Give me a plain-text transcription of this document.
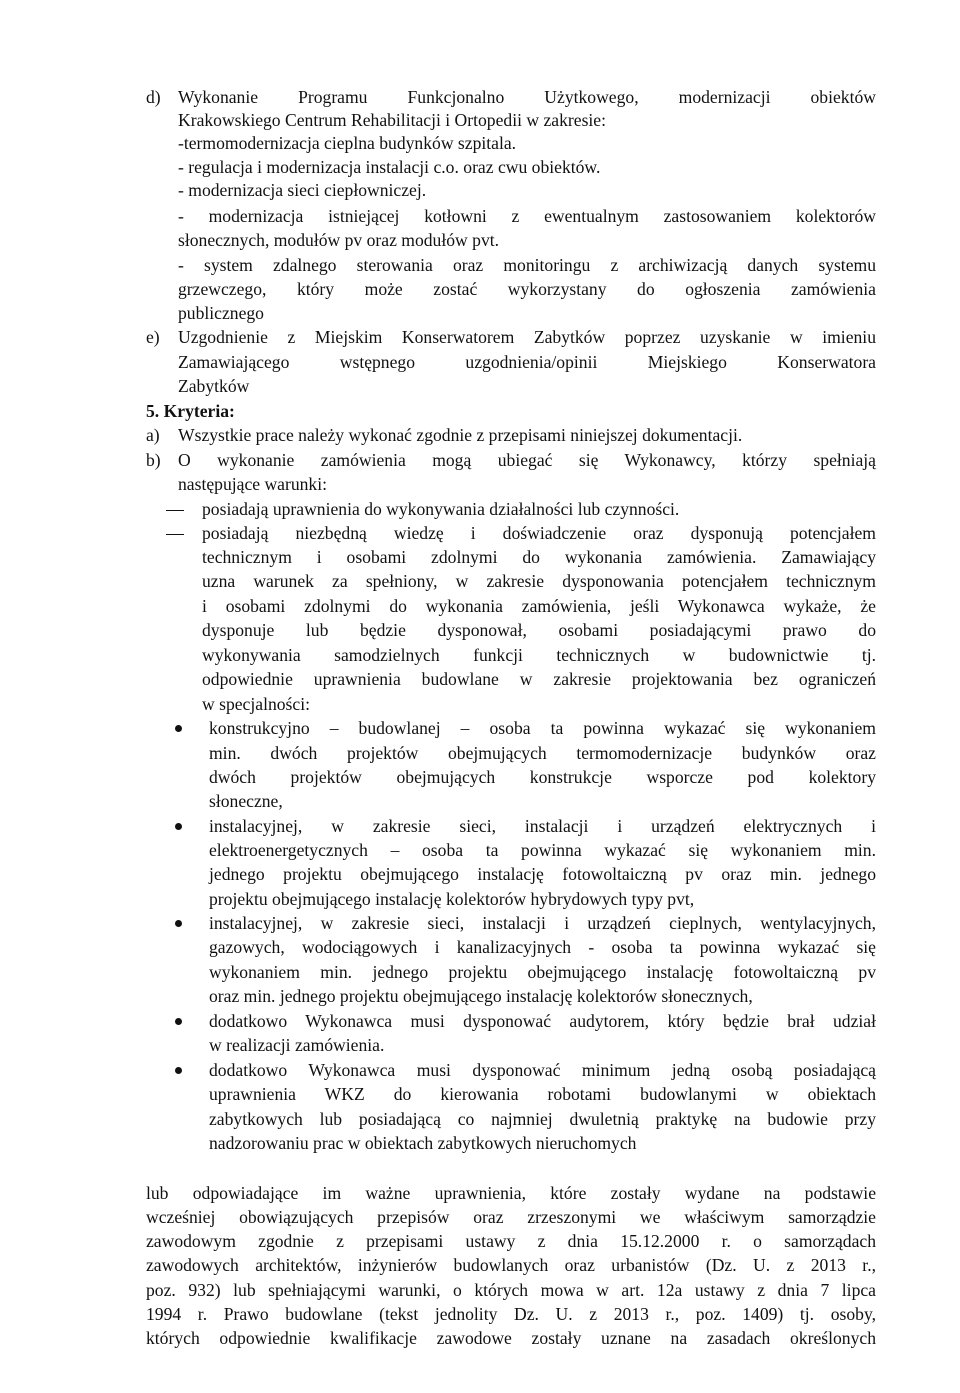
d) Wykonanie Programu Funkcjonalno Użytkowego, modernizacji obiektów
Krakowskiego Centrum Rehabilitacji i Ortopedii w zakresie:
-termomodernizacja cieplna budynków szpitala.
- regulacja i modernizacja instalacji c.o. oraz cwu obiektów.
- modernizacja sieci ciepłowniczej.
- modernizacja istniejącej kotłowni z ewentualnym zastosowaniem kolektorów
słonecznych, modułów pv oraz modułów pvt.
- system zdalnego sterowania oraz monitoringu z archiwizacją danych systemu
grzewczego, który może zostać wykorzystany do ogłoszenia zamówienia
publicznego
e) Uzgodnienie z Miejskim Konserwatorem Zabytków poprzez uzyskanie w imieniu
Zamawiającego wstępnego uzgodnienia/opinii Miejskiego Konserwatora
Zabytków
5. Kryteria:
a) Wszystkie prace należy wykonać zgodnie z przepisami niniejszej dokumentacji.
b) O wykonanie zamówienia mogą ubiegać się Wykonawcy, którzy spełniają
następujące warunki:
posiadają uprawnienia do wykonywania działalności lub czynności.
posiadają niezbędną wiedzę i doświadczenie oraz dysponują potencjałem
technicznym i osobami zdolnymi do wykonania zamówienia. Zamawiający
uzna warunek za spełniony, w zakresie dysponowania potencjałem technicznym
i osobami zdolnymi do wykonania zamówienia, jeśli Wykonawca wykaże, że
dysponuje lub będzie dysponował, osobami posiadającymi prawo do
wykonywania samodzielnych funkcji technicznych w budownictwie tj.
odpowiednie uprawnienia budowlane w zakresie projektowania bez ograniczeń
w specjalności:
konstrukcyjno – budowlanej – osoba ta powinna wykazać się wykonaniem
min. dwóch projektów obejmujących termomodernizacje budynków oraz
dwóch projektów obejmujących konstrukcje wsporcze pod kolektory
słoneczne,
instalacyjnej, w zakresie sieci, instalacji i urządzeń elektrycznych i
elektroenergetycznych – osoba ta powinna wykazać się wykonaniem min.
jednego projektu obejmującego instalację fotowoltaiczną pv oraz min. jednego
projektu obejmującego instalację kolektorów hybrydowych typy pvt,
instalacyjnej, w zakresie sieci, instalacji i urządzeń cieplnych, wentylacyjnych,
gazowych, wodociągowych i kanalizacyjnych - osoba ta powinna wykazać się
wykonaniem min. jednego projektu obejmującego instalację fotowoltaiczną pv
oraz min. jednego projektu obejmującego instalację kolektorów słonecznych,
dodatkowo Wykonawca musi dysponować audytorem, który będzie brał udział
w realizacji zamówienia.
dodatkowo Wykonawca musi dysponować minimum jedną osobą posiadającą
uprawnienia WKZ do kierowania robotami budowlanymi w obiektach
zabytkowych lub posiadającą co najmniej dwuletnią praktykę na budowie przy
nadzorowaniu prac w obiektach zabytkowych nieruchomych
lub odpowiadające im ważne uprawnienia, które zostały wydane na podstawie
wcześniej obowiązujących przepisów oraz zrzeszonymi we właściwym samorządzie
zawodowym zgodnie z przepisami ustawy z dnia 15.12.2000 r. o samorządach
zawodowych architektów, inżynierów budowlanych oraz urbanistów (Dz. U. z 2013 r.,
poz. 932) lub spełniającymi warunki, o których mowa w art. 12a ustawy z dnia 7 lipca
1994 r. Prawo budowlane (tekst jednolity Dz. U. z 2013 r., poz. 1409) tj. osoby,
których odpowiednie kwalifikacje zawodowe zostały uznane na zasadach określonych
